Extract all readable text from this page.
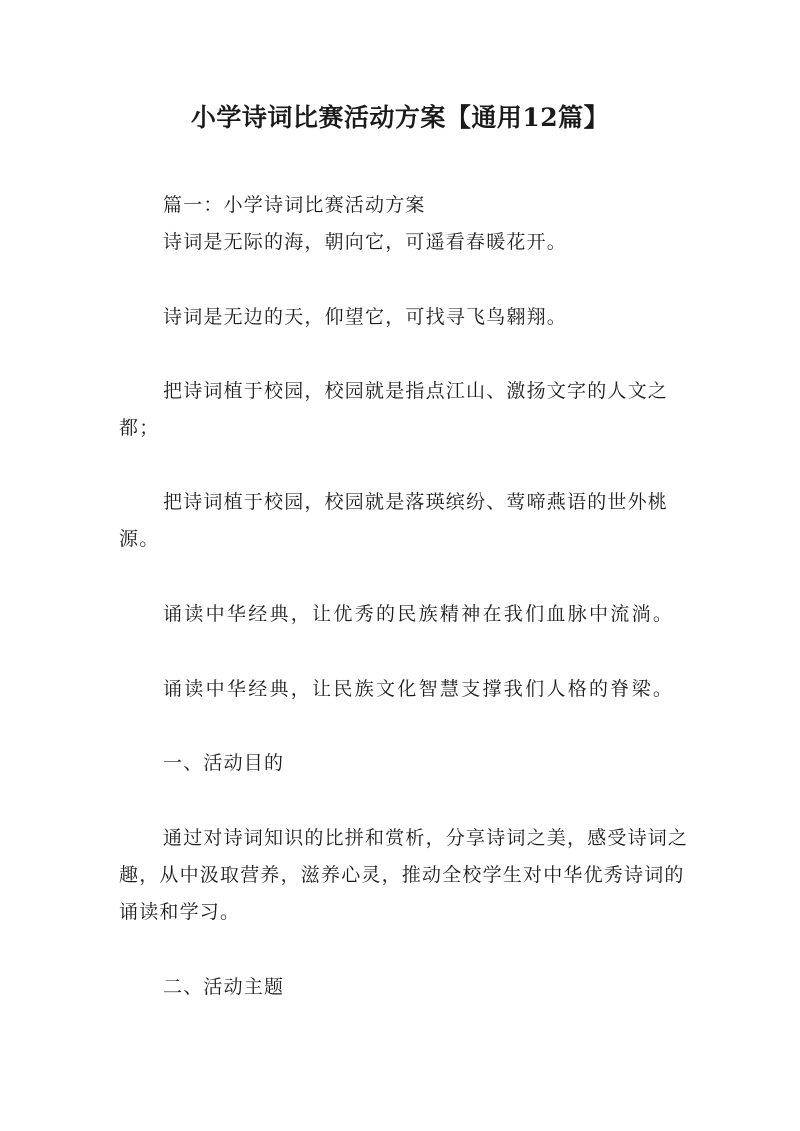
小学诗词比赛活动方案【通用12篇】

篇一：小学诗词比赛活动方案

诗词是无际的海，朝向它，可遥看春暖花开。

诗词是无边的天，仰望它，可找寻飞鸟翱翔。

把诗词植于校园，校园就是指点江山、激扬文字的人文之都；

把诗词植于校园，校园就是落瑛缤纷、莺啼燕语的世外桃源。

诵读中华经典，让优秀的民族精神在我们血脉中流淌。

诵读中华经典，让民族文化智慧支撑我们人格的脊梁。

一、活动目的

通过对诗词知识的比拼和赏析，分享诗词之美，感受诗词之趣，从中汲取营养，滋养心灵，推动全校学生对中华优秀诗词的诵读和学习。

二、活动主题
